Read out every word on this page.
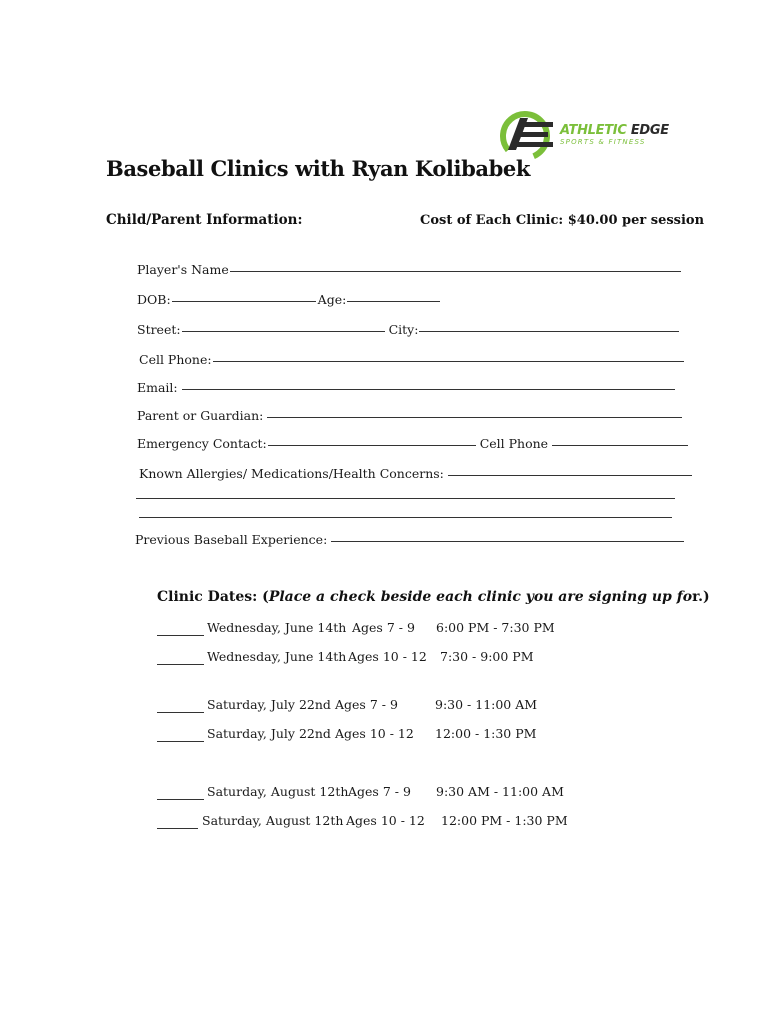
ATHLETIC EDGE
SPORTS & FITNESS
Baseball Clinics with Ryan Kolibabek
Child/Parent Information:	Cost of Each Clinic: $40.00 per session
Player's Name
DOB:	Age:
Street:	City:
Cell Phone:
Email:
Parent or Guardian:
Emergency Contact:	Cell Phone
Known Allergies/ Medications/Health Concerns:
Previous Baseball Experience:
Clinic Dates: (Place a check beside each clinic you are signing up for.)
Wednesday, June 14th Ages 7 - 9 6:00 PM - 7:30 PM
Wednesday, June 14th Ages 10 - 12 7:30 - 9:00 PM
Saturday, July 22nd Ages 7 - 9	9:30 - 11:00 AM
Saturday, July 22nd Ages 10 - 12 12:00 - 1:30 PM
Saturday, August 12th Ages 7 - 9 9:30 AM - 11:00 AM
Saturday, August 12th Ages 10 - 12 12:00 PM - 1:30 PM
